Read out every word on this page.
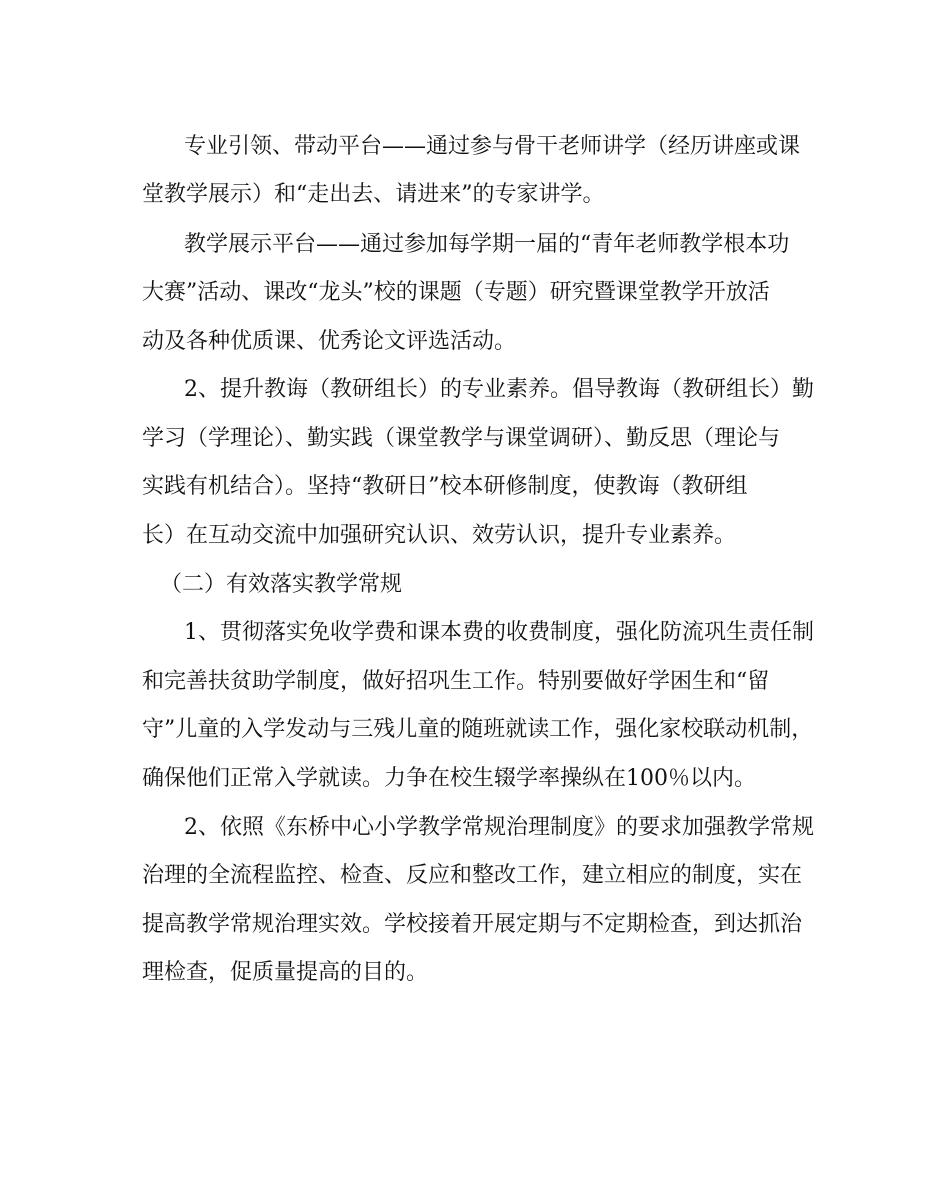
专业引领、带动平台——通过参与骨干老师讲学（经历讲座或课
堂教学展示）和“走出去、请进来”的专家讲学。
教学展示平台——通过参加每学期一届的“青年老师教学根本功
大赛”活动、课改“龙头”校的课题（专题）研究暨课堂教学开放活
动及各种优质课、优秀论文评选活动。
2、提升教诲（教研组长）的专业素养。倡导教诲（教研组长）勤
学习（学理论）、勤实践（课堂教学与课堂调研）、勤反思（理论与
实践有机结合）。坚持“教研日”校本研修制度，使教诲（教研组
长）在互动交流中加强研究认识、效劳认识，提升专业素养。
（二）有效落实教学常规
1、贯彻落实免收学费和课本费的收费制度，强化防流巩生责任制
和完善扶贫助学制度，做好招巩生工作。特别要做好学困生和“留
守”儿童的入学发动与三残儿童的随班就读工作，强化家校联动机制，
确保他们正常入学就读。力争在校生辍学率操纵在100％以内。
2、依照《东桥中心小学教学常规治理制度》的要求加强教学常规
治理的全流程监控、检查、反应和整改工作，建立相应的制度，实在
提高教学常规治理实效。学校接着开展定期与不定期检查，到达抓治
理检查，促质量提高的目的。
